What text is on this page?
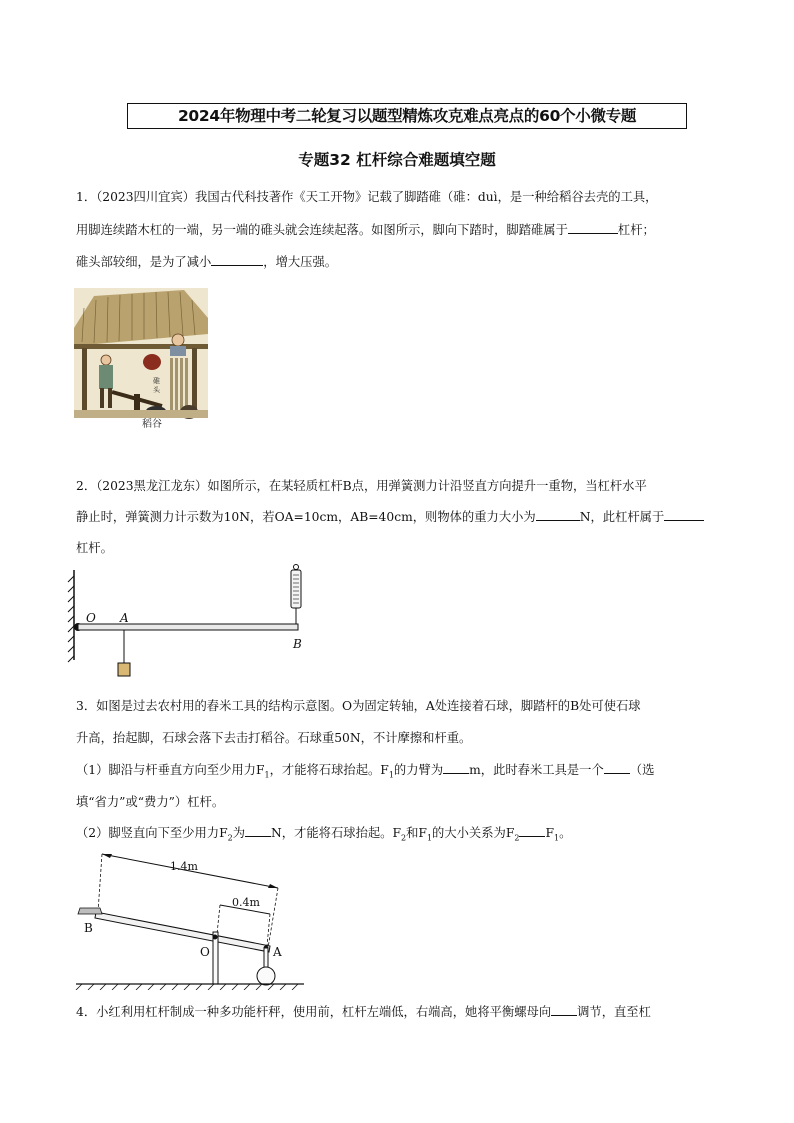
2024年物理中考二轮复习以题型精炼攻克难点亮点的60个小微专题
专题32 杠杆综合难题填空题
1．（2023四川宜宾）我国古代科技著作《天工开物》记载了脚踏碓（碓：duì，是一种给稻谷去壳的工具，
用脚连续踏木杠的一端，另一端的碓头就会连续起落。如图所示，脚向下踏时，脚踏碓属于	杠杆；
碓头部较细，是为了减小	，增大压强。
碓
头
稻谷
2．（2023黑龙江龙东）如图所示，在某轻质杠杆B点，用弹簧测力计沿竖直方向提升一重物，当杠杆水平
静止时，弹簧测力计示数为10N，若OA=10cm，AB=40cm，则物体的重力大小为	N，此杠杆属于
杠杆。
O A
B
3．如图是过去农村用的舂米工具的结构示意图。O为固定转轴，A处连接着石球，脚踏杆的B处可使石球
升高，抬起脚，石球会落下去击打稻谷。石球重50N，不计摩擦和杆重。
（1）脚沿与杆垂直方向至少用力$F_1$，才能将石球抬起。$F_1$的力臂为 m，此时舂米工具是一个 （选
填“省力”或“费力”）杠杆。
（2）脚竖直向下至少用力$F_2$为 N，才能将石球抬起。$F_2$和$F_1$的大小关系为$F_2$ $F_1$。
1.4m
0.4m
B
O	A
4．小红利用杠杆制成一种多功能杆秤，使用前，杠杆左端低，右端高，她将平衡螺母向 调节，直至杠
